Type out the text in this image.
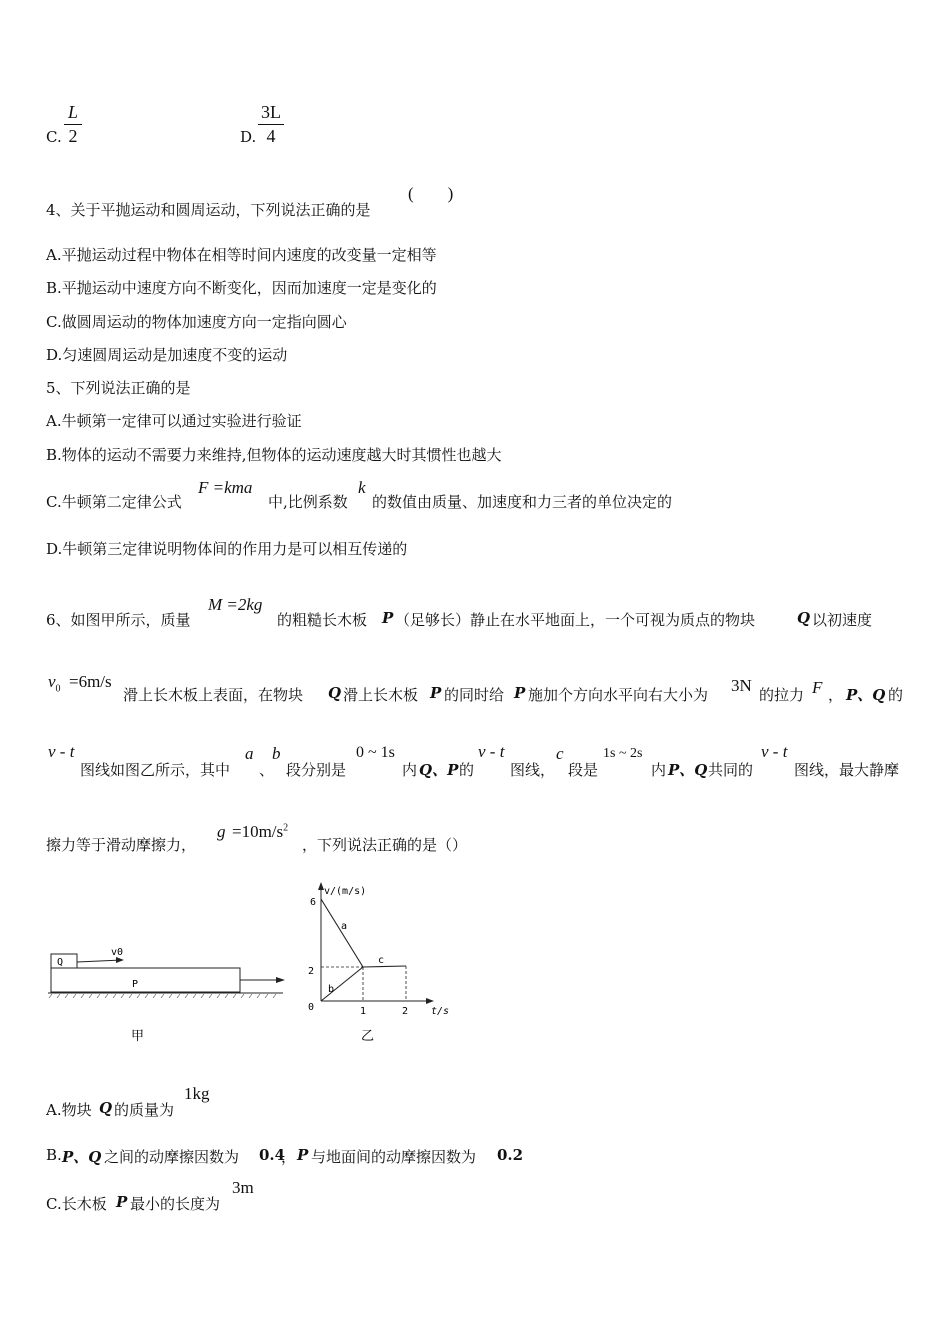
C.
L
2	D.
3L
4
4、关于平抛运动和圆周运动，下列说法正确的是
(        )
A.平抛运动过程中物体在相等时间内速度的改变量一定相等
B.平抛运动中速度方向不断变化，因而加速度一定是变化的
C.做圆周运动的物体加速度方向一定指向圆心
D.匀速圆周运动是加速度不变的运动
5、下列说法正确的是
A.牛顿第一定律可以通过实验进行验证
B.物体的运动不需要力来维持,但物体的运动速度越大时其惯性也越大
C.牛顿第二定律公式
F =kma
中,比例系数
k
的数值由质量、加速度和力三者的单位决定的
D.牛顿第三定律说明物体间的作用力是可以相互传递的
6、如图甲所示，质量
M =2kg
的粗糙长木板 P （足够长）静止在水平地面上，一个可视为质点的物块	Q 以初速度
$v_0 =6m/s$
滑上长木板上表面，在物块 Q 滑上长木板 P 的同时给 P 施加个方向水平向右大小为 3N 的拉力 F ， P、Q 的
v - t
图线如图乙所示，其中
a
、
b
段分别是
0 ~ 1s
内 Q、P 的
v - t
图线，
c
段是
1s ~ 2s
内 P、Q 共同的
v - t
图线，最大静摩
擦力等于滑动摩擦力，
$g =10m/s^2$
，下列说法正确的是（）
Q
v0
P
甲
v/(m/s)
t/s
6
2
0	1	2
a
b
c
乙
A.物块 Q 的质量为
1kg
B. P、Q 之间的动摩擦因数为 0.4
， P 与地面间的动摩擦因数为 0.2
C.长木板 P 最小的长度为
3m
